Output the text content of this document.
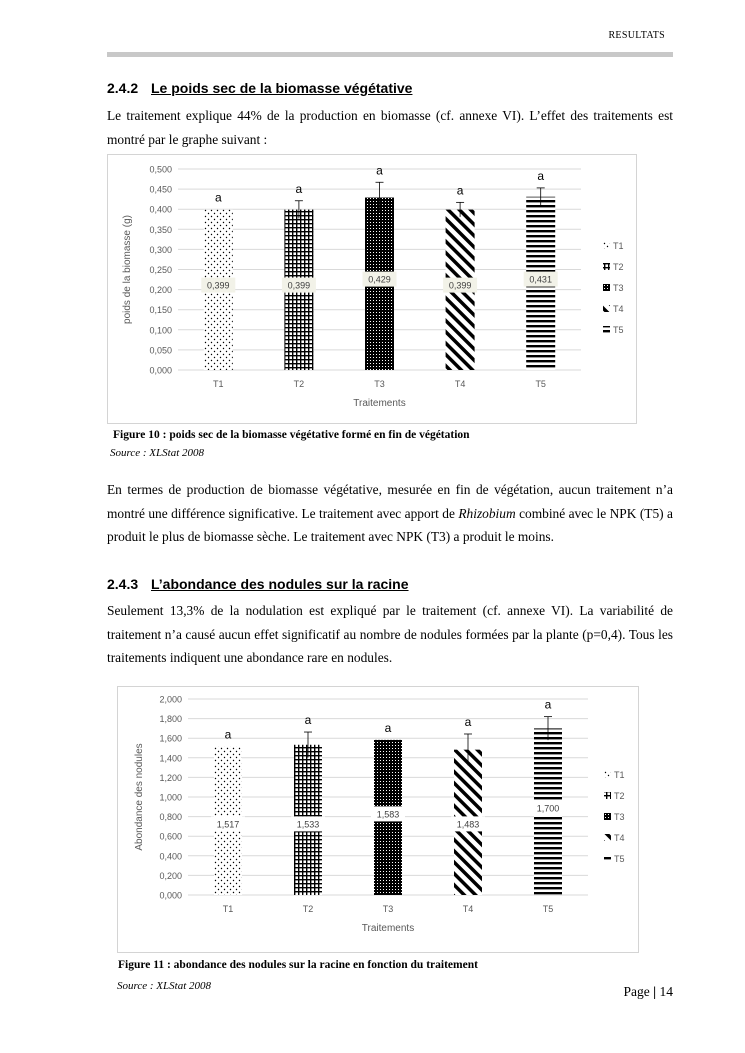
RESULTATS
2.4.2 Le poids sec de la biomasse végétative
Le traitement explique 44% de la production en biomasse (cf. annexe VI). L’effet des traitements est montré par le graphe suivant :
0,000
0,050
0,100
0,150
0,200
0,250
0,300
0,350
0,400
0,450
0,500
poids de la biomasse (g)
a
0,399
T1
a
0,399
T2
a
0,429
T3
a
0,399
T4
a
0,431
T5
Traitements
T1
T2
T3
T4
T5
Figure 10 : poids sec de la biomasse végétative formé en fin de végétation
Source : XLStat 2008
En termes de production de biomasse végétative, mesurée en fin de végétation, aucun traitement n’a montré une différence significative. Le traitement avec apport de Rhizobium combiné avec le NPK (T5) a produit le plus de biomasse sèche. Le traitement avec NPK (T3) a produit le moins.
2.4.3 L’abondance des nodules sur la racine
Seulement 13,3% de la nodulation est expliqué par le traitement (cf. annexe VI). La variabilité de traitement n’a causé aucun effet significatif au nombre de nodules formées par la plante (p=0,4). Tous les traitements indiquent une abondance rare en nodules.
0,000
0,200
0,400
0,600
0,800
1,000
1,200
1,400
1,600
1,800
2,000
Abondance des nodules
a
1,517
T1
a
1,533
T2
a
1,583
T3
a
1,483
T4
a
1,700
T5
Traitements
T1
T2
T3
T4
T5
Figure 11 : abondance des nodules sur la racine en fonction du traitement
Source : XLStat 2008	Page | 14
